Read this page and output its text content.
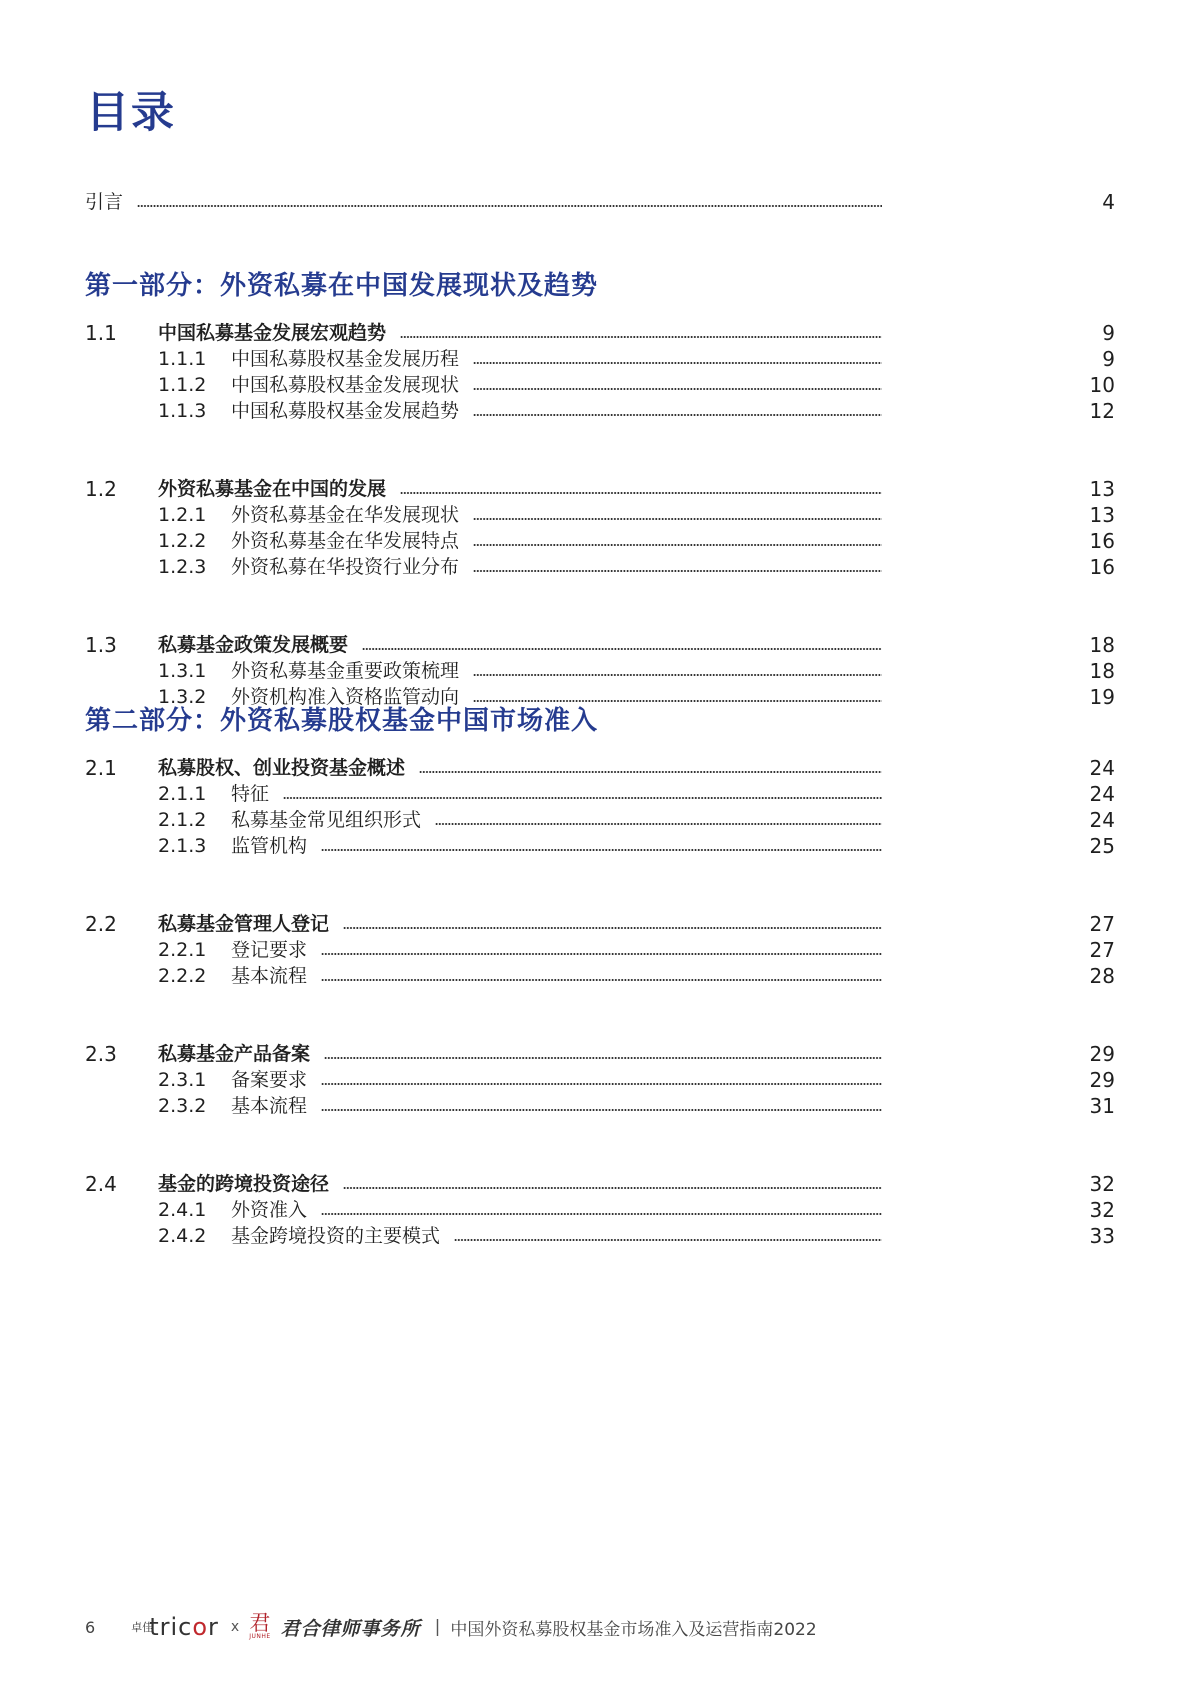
目录
引言	4
第一部分：外资私募在中国发展现状及趋势
1.1	中国私募基金发展宏观趋势	9
1.1.1	中国私募股权基金发展历程	9
1.1.2	中国私募股权基金发展现状	10
1.1.3	中国私募股权基金发展趋势	12
1.2	外资私募基金在中国的发展	13
1.2.1	外资私募基金在华发展现状	13
1.2.2	外资私募基金在华发展特点	16
1.2.3	外资私募在华投资行业分布	16
1.3	私募基金政策发展概要	18
1.3.1	外资私募基金重要政策梳理	18
1.3.2	外资机构准入资格监管动向	19
第二部分：外资私募股权基金中国市场准入
2.1	私募股权、创业投资基金概述	24
2.1.1	特征	24
2.1.2	私募基金常见组织形式	24
2.1.3	监管机构	25
2.2	私募基金管理人登记	27
2.2.1	登记要求	27
2.2.2	基本流程	28
2.3	私募基金产品备案	29
2.3.1	备案要求	29
2.3.2	基本流程	31
2.4	基金的跨境投资途径	32
2.4.1	外资准入	32
2.4.2	基金跨境投资的主要模式	33
6	卓佳
tricor x 君
JUNHE 君合律师事务所 | 中国外资私募股权基金市场准入及运营指南2022
